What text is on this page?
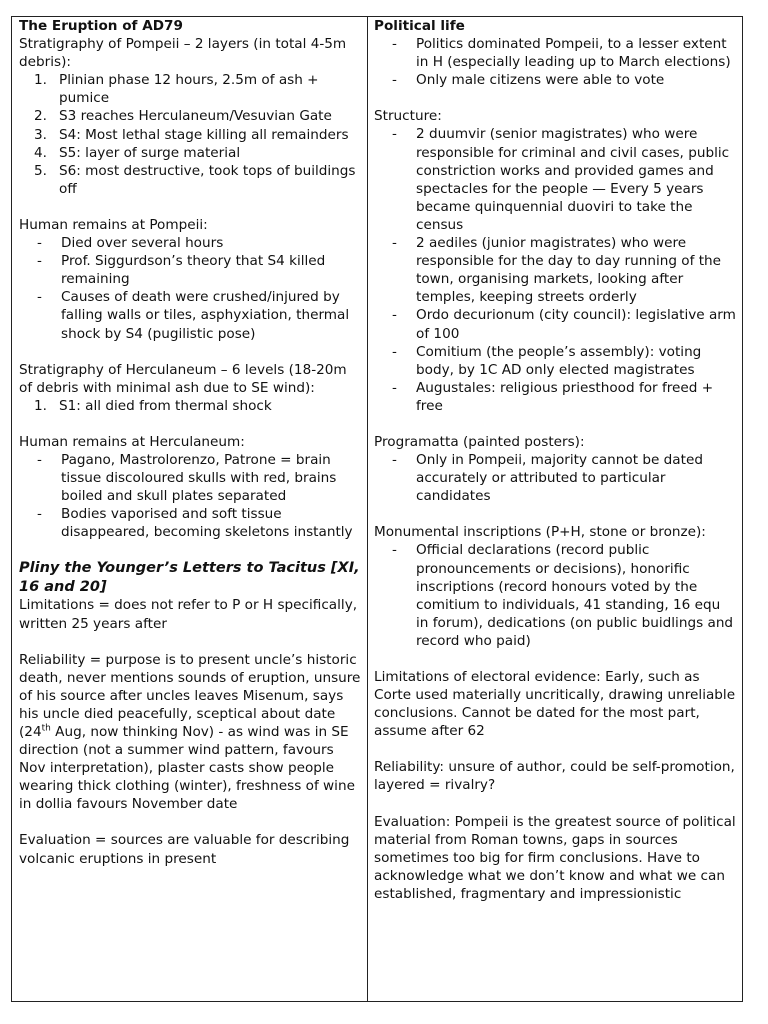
The Eruption of AD79

Stratigraphy of Pompeii – 2 layers (in total 4-5m debris):

1. Plinian phase 12 hours, 2.5m of ash + pumice
2. S3 reaches Herculaneum/Vesuvian Gate
3. S4: Most lethal stage killing all remainders
4. S5: layer of surge material
5. S6: most destructive, took tops of buildings off

Human remains at Pompeii:

-	Died over several hours
-	Prof. Siggurdson’s theory that S4 killed remaining
-	Causes of death were crushed/injured by falling walls or tiles, asphyxiation, thermal shock by S4 (pugilistic pose)

Stratigraphy of Herculaneum – 6 levels (18-20m of debris with minimal ash due to SE wind):

1. S1: all died from thermal shock

Human remains at Herculaneum:

-	Pagano, Mastrolorenzo, Patrone = brain tissue discoloured skulls with red, brains boiled and skull plates separated
-	Bodies vaporised and soft tissue disappeared, becoming skeletons instantly

Pliny the Younger’s Letters to Tacitus [XI, 16 and 20]

Limitations = does not refer to P or H specifically, written 25 years after

Reliability = purpose is to present uncle’s historic death, never mentions sounds of eruption, unsure of his source after uncles leaves Misenum, says his uncle died peacefully, sceptical about date (24th Aug, now thinking Nov) - as wind was in SE direction (not a summer wind pattern, favours Nov interpretation), plaster casts show people wearing thick clothing (winter), freshness of wine in dollia favours November date

Evaluation = sources are valuable for describing volcanic eruptions in present

Political life

-	Politics dominated Pompeii, to a lesser extent in H (especially leading up to March elections)
-	Only male citizens were able to vote

Structure:

-	2 duumvir (senior magistrates) who were responsible for criminal and civil cases, public constriction works and provided games and spectacles for the people — Every 5 years became quinquennial duoviri to take the census
-	2 aediles (junior magistrates) who were responsible for the day to day running of the town, organising markets, looking after temples, keeping streets orderly
-	Ordo decurionum (city council): legislative arm of 100
-	Comitium (the people’s assembly): voting body, by 1C AD only elected magistrates
-	Augustales: religious priesthood for freed + free

Programatta (painted posters):

-	Only in Pompeii, majority cannot be dated accurately or attributed to particular candidates

Monumental inscriptions (P+H, stone or bronze):

-	Official declarations (record public pronouncements or decisions), honorific inscriptions (record honours voted by the comitium to individuals, 41 standing, 16 equ in forum), dedications (on public buidlings and record who paid)

Limitations of electoral evidence: Early, such as Corte used materially uncritically, drawing unreliable conclusions. Cannot be dated for the most part, assume after 62

Reliability: unsure of author, could be self-promotion, layered = rivalry?

Evaluation: Pompeii is the greatest source of political material from Roman towns, gaps in sources sometimes too big for firm conclusions. Have to acknowledge what we don’t know and what we can established, fragmentary and impressionistic
